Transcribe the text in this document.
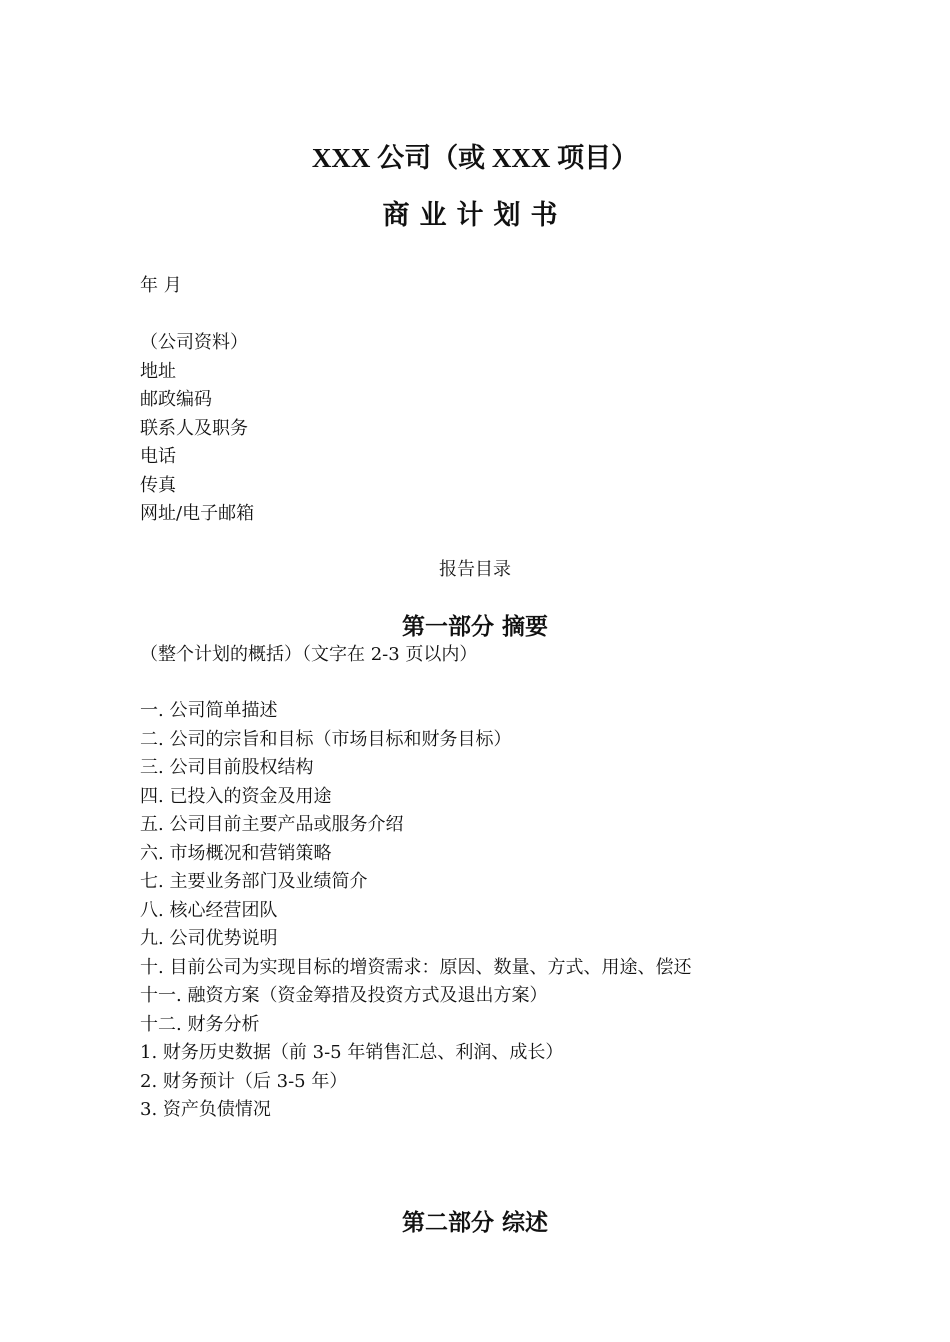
XXX 公司（或 XXX 项目）
商业计划书
年 月
（公司资料）
地址
邮政编码
联系人及职务
电话
传真
网址/电子邮箱
报告目录
第一部分 摘要
（整个计划的概括）（文字在 2-3 页以内）
一. 公司简单描述
二. 公司的宗旨和目标（市场目标和财务目标）
三. 公司目前股权结构
四. 已投入的资金及用途
五. 公司目前主要产品或服务介绍
六. 市场概况和营销策略
七. 主要业务部门及业绩简介
八. 核心经营团队
九. 公司优势说明
十. 目前公司为实现目标的增资需求：原因、数量、方式、用途、偿还
十一. 融资方案（资金筹措及投资方式及退出方案）
十二. 财务分析
1. 财务历史数据（前 3-5 年销售汇总、利润、成长）
2. 财务预计（后 3-5 年）
3. 资产负债情况
第二部分 综述
